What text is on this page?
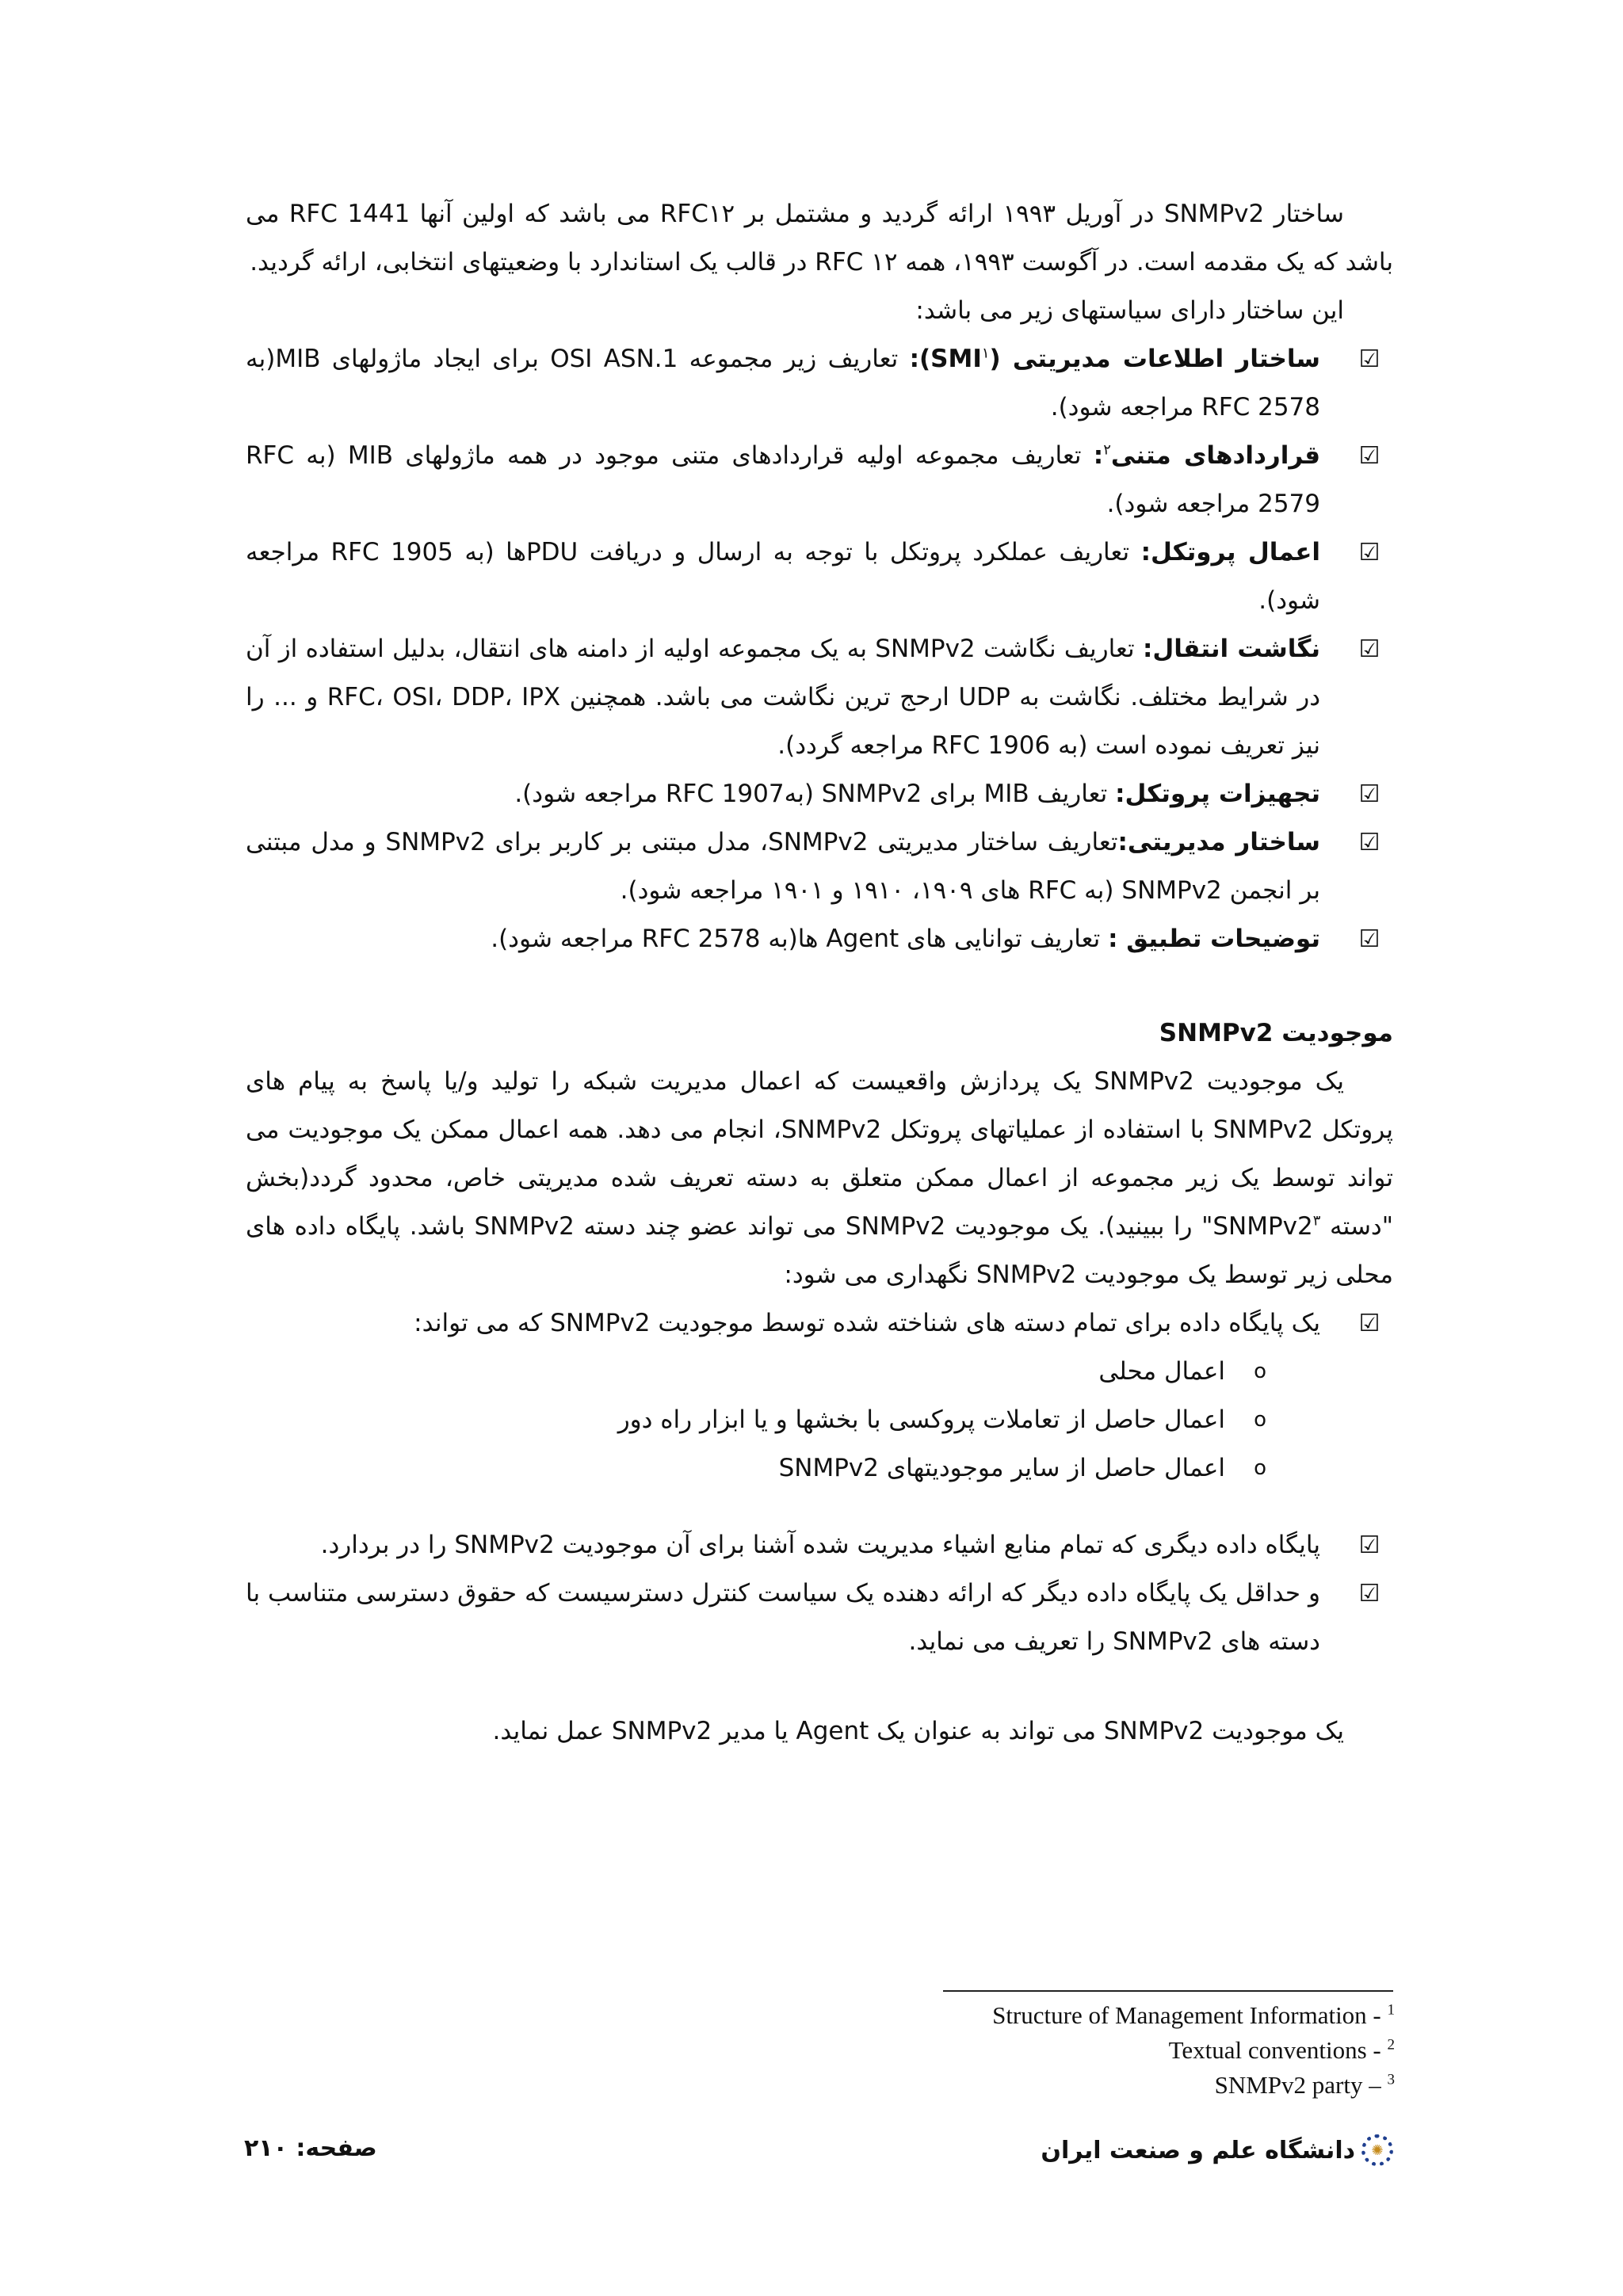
ساختار SNMPv2 در آوریل ۱۹۹۳ ارائه گردید و مشتمل بر RFC۱۲ می باشد که اولین آنها RFC 1441 می باشد که یک مقدمه است. در آگوست ۱۹۹۳، همه ۱۲ RFC در قالب یک استاندارد با وضعیتهای انتخابی، ارائه گردید.

این ساختار دارای سیاستهای زیر می باشد:

☑
ساختار اطلاعات مدیریتی (SMI$^۱$): تعاریف زیر مجموعه OSI ASN.1 برای ایجاد ماژولهای MIB(به RFC 2578 مراجعه شود).

☑
قراردادهای متنی$^۲$: تعاریف مجموعه اولیه قراردادهای متنی موجود در همه ماژولهای MIB (به RFC 2579 مراجعه شود).

☑
اعمال پروتکل: تعاریف عملکرد پروتکل با توجه به ارسال و دریافت PDUها (به RFC 1905 مراجعه شود).

☑
نگاشت انتقال: تعاریف نگاشت SNMPv2 به یک مجموعه اولیه از دامنه های انتقال، بدلیل استفاده از آن در شرایط مختلف. نگاشت به UDP ارحج ترین نگاشت می باشد. همچنین RFC، OSI، DDP، IPX و ... را نیز تعریف نموده است (به RFC 1906 مراجعه گردد).

☑
تجهیزات پروتکل: تعاریف MIB برای SNMPv2 (بهRFC 1907 مراجعه شود).

☑
ساختار مدیریتی:تعاریف ساختار مدیریتی SNMPv2، مدل مبتنی بر کاربر برای SNMPv2 و مدل مبتنی بر انجمن SNMPv2 (به RFC های ۱۹۰۹، ۱۹۱۰ و ۱۹۰۱ مراجعه شود).

☑
توضیحات تطبیق : تعاریف توانایی های Agent ها(به RFC 2578 مراجعه شود).

موجودیت SNMPv2

یک موجودیت SNMPv2 یک پردازش واقعیست که اعمال مدیریت شبکه را تولید و/یا پاسخ به پیام های پروتکل SNMPv2 با استفاده از عملیاتهای پروتکل SNMPv2، انجام می دهد. همه اعمال ممکن یک موجودیت می تواند توسط یک زیر مجموعه از اعمال ممکن متعلق به دسته تعریف شده مدیریتی خاص، محدود گردد(بخش "دسته $SNMPv2^۳$" را ببینید). یک موجودیت SNMPv2 می تواند عضو چند دسته SNMPv2 باشد. پایگاه داده های محلی زیر توسط یک موجودیت SNMPv2 نگهداری می شود:

☑
یک پایگاه داده برای تمام دسته های شناخته شده توسط موجودیت SNMPv2 که می تواند:

o
اعمال محلی
o
اعمال حاصل از تعاملات پروکسی با بخشها و یا ابزار راه دور
o
اعمال حاصل از سایر موجودیتهای SNMPv2

☑
پایگاه داده دیگری که تمام منابع اشیاء مدیریت شده آشنا برای آن موجودیت SNMPv2 را در بردارد.

☑
و حداقل یک پایگاه داده دیگر که ارائه دهنده یک سیاست کنترل دسترسیست که حقوق دسترسی متناسب با دسته های SNMPv2 را تعریف می نماید.

یک موجودیت SNMPv2 می تواند به عنوان یک Agent یا مدیر SNMPv2 عمل نماید.

Structure of Management Information - $^1$
Textual conventions - $^2$
SNMPv2 party – $^3$
✺
دانشگاه علم و صنعت ایران
صفحه: ۲۱۰
